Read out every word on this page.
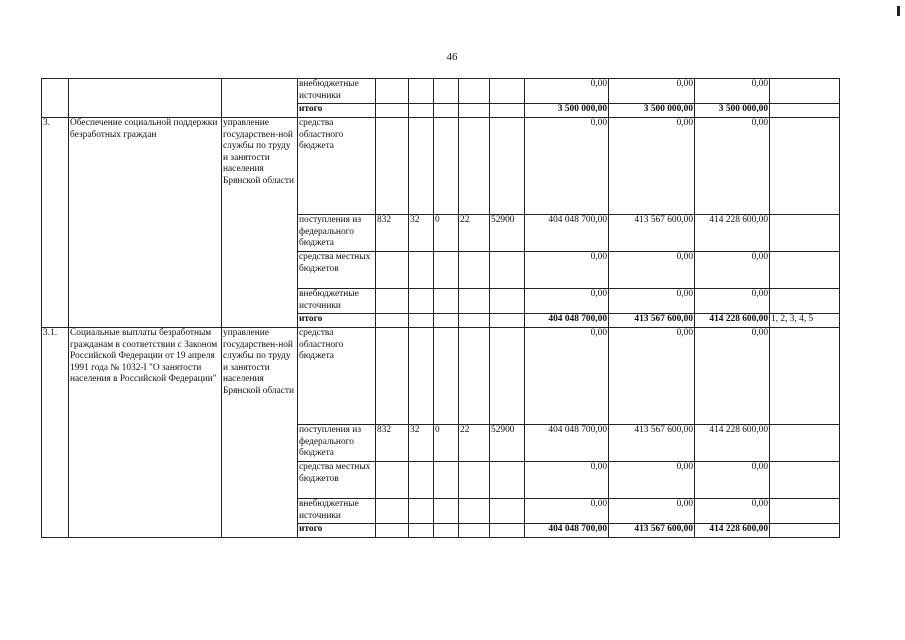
46
			внебюджетные источники						0,00	0,00	0,00	
			итого						3 500 000,00	3 500 000,00	3 500 000,00	
3.	Обеспечение социальной поддержки безработных граждан	управление государствен-ной службы по труду и занятости населения Брянской области	средства областного бюджета						0,00	0,00	0,00	
			поступления из федерального бюджета	832	32	0	22	52900	404 048 700,00	413 567 600,00	414 228 600,00	
			средства местных бюджетов						0,00	0,00	0,00	
			внебюджетные источники						0,00	0,00	0,00	
			итого						404 048 700,00	413 567 600,00	414 228 600,00	1, 2, 3, 4, 5
3.1.	Социальные выплаты безработным гражданам в соответствии с Законом Российской Федерации от 19 апреля 1991 года № 1032-I "О занятости населения в Российской Федерации"	управление государствен-ной службы по труду и занятости населения Брянской области	средства областного бюджета						0,00	0,00	0,00	
			поступления из федерального бюджета	832	32	0	22	52900	404 048 700,00	413 567 600,00	414 228 600,00	
			средства местных бюджетов						0,00	0,00	0,00	
			внебюджетные источники						0,00	0,00	0,00	
			итого						404 048 700,00	413 567 600,00	414 228 600,00	
